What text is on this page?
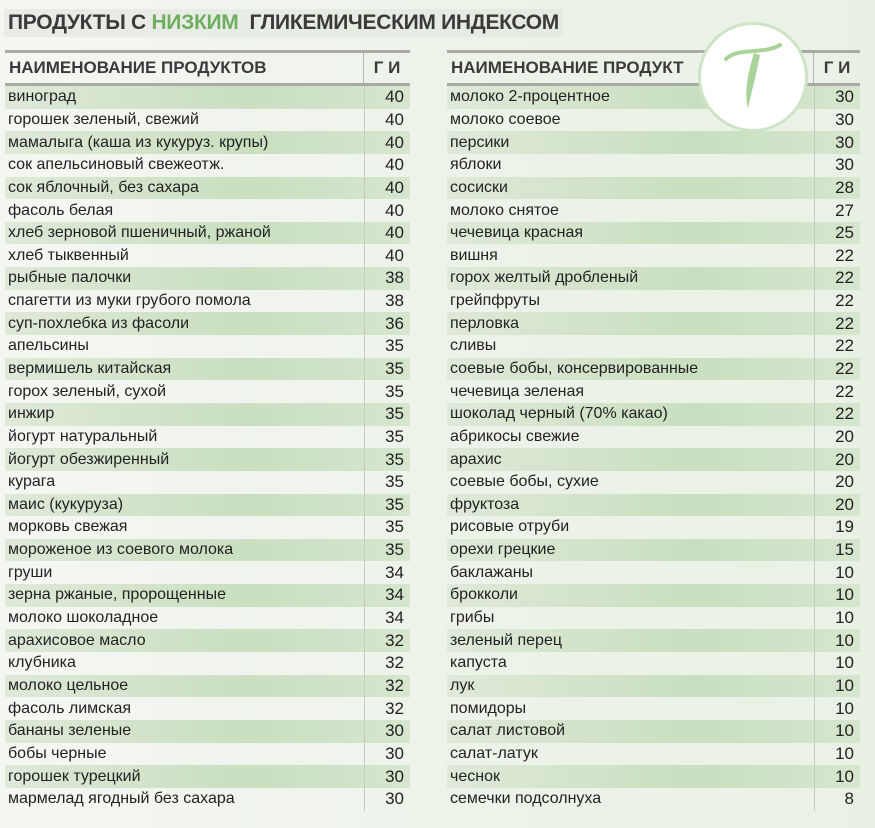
ПРОДУКТЫ С НИЗКИМ  ГЛИКЕМИЧЕСКИМ ИНДЕКСОМ
НАИМЕНОВАНИЕ ПРОДУКТОВ	Г И
виноград	40
горошек зеленый, свежий	40
мамалыга (каша из кукуруз. крупы)	40
сок апельсиновый свежеотж.	40
сок яблочный, без сахара	40
фасоль белая	40
хлеб зерновой пшеничный, ржаной	40
хлеб тыквенный	40
рыбные палочки	38
спагетти из муки грубого помола	38
суп-похлебка из фасоли	36
апельсины	35
вермишель китайская	35
горох зеленый, сухой	35
инжир	35
йогурт натуральный	35
йогурт обезжиренный	35
курага	35
маис (кукуруза)	35
морковь свежая	35
мороженое из соевого молока	35
груши	34
зерна ржаные, пророщенные	34
молоко шоколадное	34
арахисовое масло	32
клубника	32
молоко цельное	32
фасоль лимская	32
бананы зеленые	30
бобы черные	30
горошек турецкий	30
мармелад ягодный без сахара	30
НАИМЕНОВАНИЕ ПРОДУКТ	Г И
молоко 2-процентное	30
молоко соевое	30
персики	30
яблоки	30
сосиски	28
молоко снятое	27
чечевица красная	25
вишня	22
горох желтый дробленый	22
грейпфруты	22
перловка	22
сливы	22
соевые бобы, консервированные	22
чечевица зеленая	22
шоколад черный (70% какао)	22
абрикосы свежие	20
арахис	20
соевые бобы, сухие	20
фруктоза	20
рисовые отруби	19
орехи грецкие	15
баклажаны	10
брокколи	10
грибы	10
зеленый перец	10
капуста	10
лук	10
помидоры	10
салат листовой	10
салат-латук	10
чеснок	10
семечки подсолнуха	8
